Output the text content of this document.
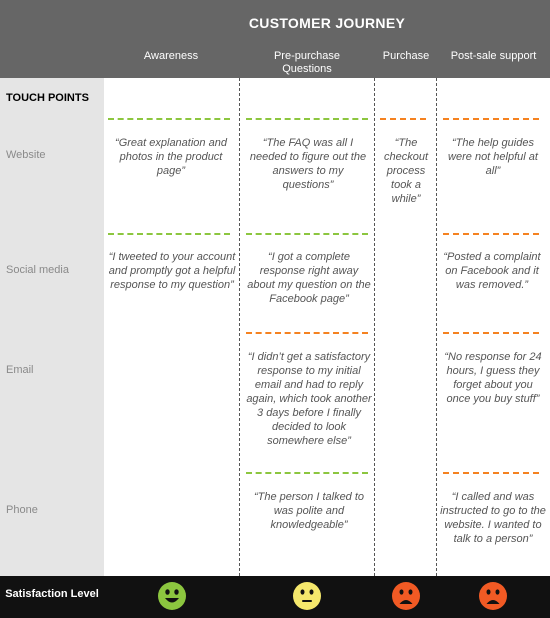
CUSTOMER JOURNEY
Awareness	Pre-purchase
Questions
Purchase	Post-sale support
TOUCH POINTS
Website
Social media
Email
Phone
“Great explanation and photos in the product page”
“The FAQ was all I needed to figure out the answers to my questions”
“The checkout process took a while”
“The help guides were not helpful at all”
“I tweeted to your account and promptly got a helpful response to my question”
“I got a complete response right away about my question on the Facebook page”
“Posted a complaint on Facebook and it was removed.”
“I didn’t get a satisfactory response to my initial email and had to reply again, which took another 3 days before I finally decided to look somewhere else”
“No response for 24 hours, I guess they forget about you once you buy stuff”
“The person I talked to was polite and knowledgeable”
“I called and was instructed to go to the website. I wanted to talk to a person”
Satisfaction Level
